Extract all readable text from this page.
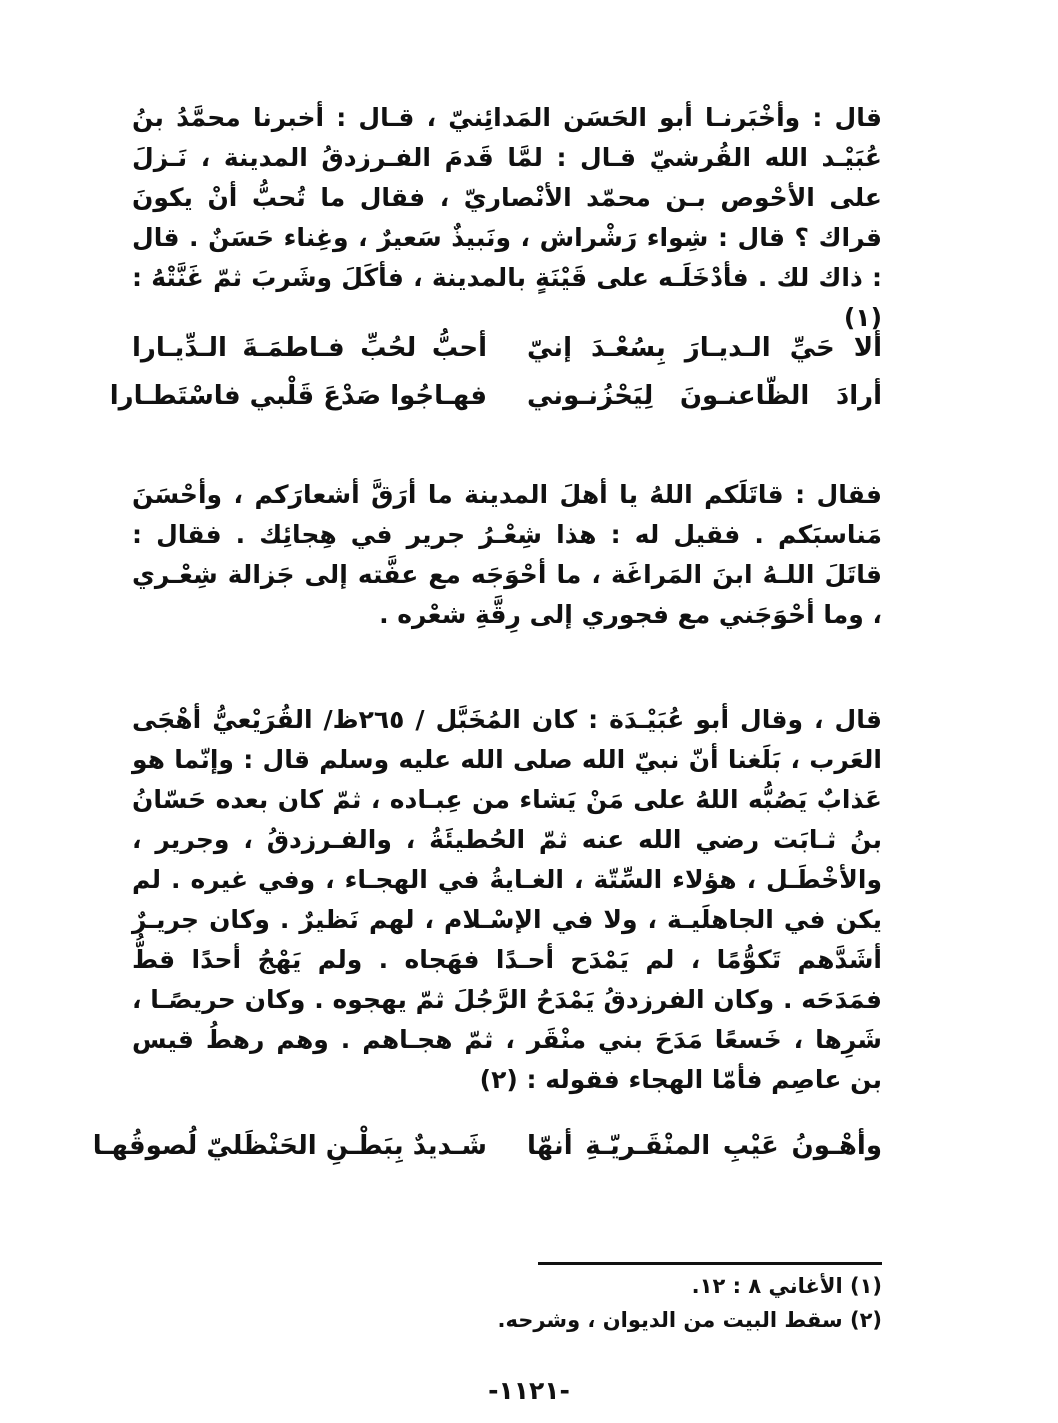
قال : وأخْبَرنـا أبو الحَسَن المَدائِنيّ ، قـال : أخبرنا محمَّدُ بنُ عُبَيْـد الله القُرشيّ قـال : لمَّا قَدمَ الفـرزدقُ المدينة ، نَـزلَ على الأحْوص بـن محمّد الأنْصاريّ ، فقال ما تُحبُّ أنْ يكونَ قراك ؟ قال : شِواء رَشْراش ، ونَبيذٌ سَعيرٌ ، وغِناء حَسَنٌ . قال : ذاك لك . فأدْخَلَـه على قَيْنَةٍ بالمدينة ، فأكَلَ وشَربَ ثمّ غَنَّتْهُ : (١)

ألا حَيِّ الـديـارَ بِسُعْـدَ إنيّ
أحبُّ لحُبِّ فـاطمَـةَ الـدِّيـارا
أرادَ الظّاعنـونَ لِيَحْزُنـوني
فهـاجُوا صَدْعَ قَلْبي فاسْتَطـارا

فقال : قاتَلَكم اللهُ يا أهلَ المدينة ما أرَقَّ أشعارَكم ، وأحْسَنَ مَناسبَكم . فقيل له : هذا شِعْـرُ جرير في هِجائِك . فقال : قاتَلَ اللـهُ ابنَ المَراغَة ، ما أحْوَجَه مع عفَّته إلى جَزالة شِعْـري ، وما أحْوَجَني مع فجوري إلى رِقَّةِ شعْره .

قال ، وقال أبو عُبَيْـدَة : كان المُخَبَّل / ٢٦٥ظ/ القُرَيْعيُّ أهْجَى العَرب ، بَلَغنا أنّ نبيّ الله صلى الله عليه وسلم قال : وإنّما هو عَذابٌ يَصُبُّه اللهُ على مَنْ يَشاء من عِبـاده ، ثمّ كان بعده حَسّانُ بنُ ثـابَت رضي الله عنه ثمّ الحُطيئَةُ ، والفـرزدقُ ، وجرير ، والأخْطَـل ، هؤلاء السِّتّة ، الغـايةُ في الهجـاء ، وفي غيره . لم يكن في الجاهلَيـة ، ولا في الإسْـلام ، لهم نَظيرٌ . وكان جريـرٌ أشَدَّهم تَكوُّمًا ، لم يَمْدَح أحـدًا فهَجاه . ولم يَهْجُ أحدًا قطُّ فمَدَحَه . وكان الفرزدقُ يَمْدَحُ الرَّجُلَ ثمّ يهجوه . وكان حريصًـا ، شَرِها ، خَسعًا مَدَحَ بني منْقَر ، ثمّ هجـاهم . وهم رهطُ قيس بن عاصِم فأمّا الهجاء فقوله : (٢)

وأهْـونُ عَيْبِ المنْقَـريّـةِ أنهّا
شَـديدٌ بِبَطْـنِ الحَنْظَليّ لُصوقُهـا
(١) الأغاني ٨ : ١٢.
(٢) سقط البيت من الديوان ، وشرحه.
-١١٢١-
